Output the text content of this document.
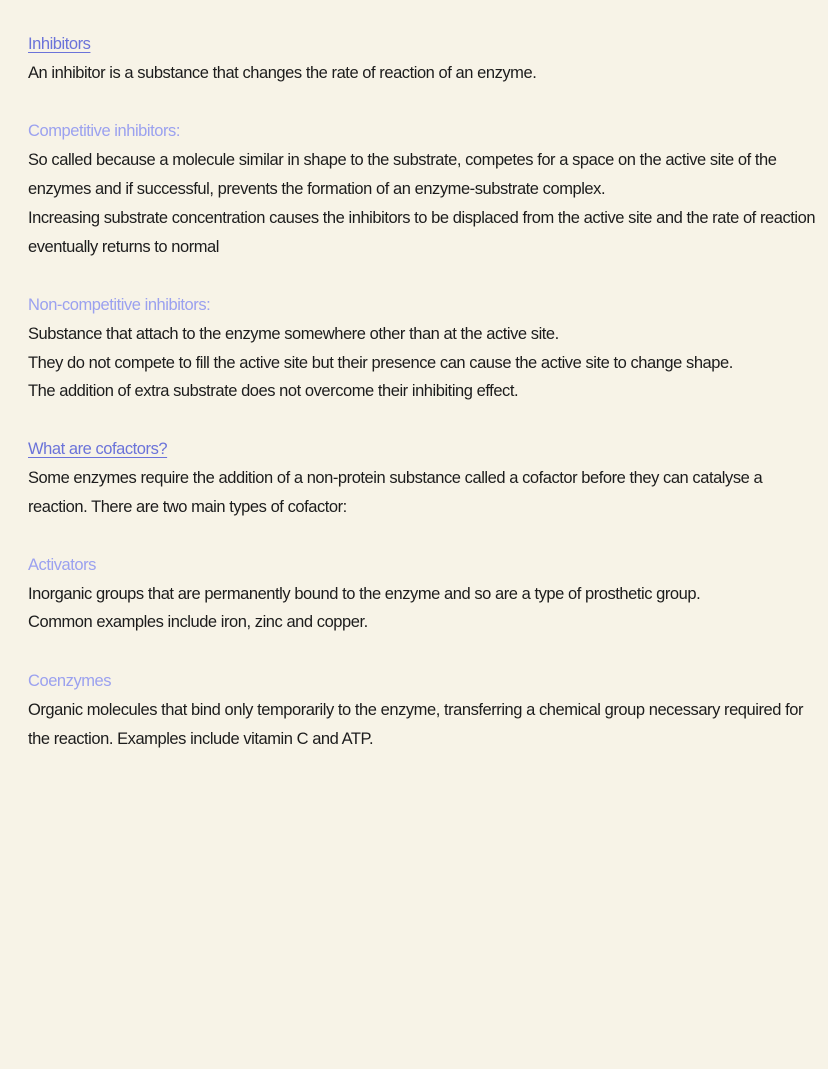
Inhibitors
An inhibitor is a substance that changes the rate of reaction of an enzyme.
Competitive inhibitors:
So called because a molecule similar in shape to the substrate, competes for a space on the active site of the
enzymes and if successful, prevents the formation of an enzyme-substrate complex.
Increasing substrate concentration causes the inhibitors to be displaced from the active site and the rate of reaction
eventually returns to normal
Non-competitive inhibitors:
Substance that attach to the enzyme somewhere other than at the active site.
They do not compete to fill the active site but their presence can cause the active site to change shape.
The addition of extra substrate does not overcome their inhibiting effect.
What are cofactors?
Some enzymes require the addition of a non-protein substance called a cofactor before they can catalyse a
reaction. There are two main types of cofactor:
Activators
Inorganic groups that are permanently bound to the enzyme and so are a type of prosthetic group.
Common examples include iron, zinc and copper.
Coenzymes
Organic molecules that bind only temporarily to the enzyme, transferring a chemical group necessary required for
the reaction. Examples include vitamin C and ATP.
